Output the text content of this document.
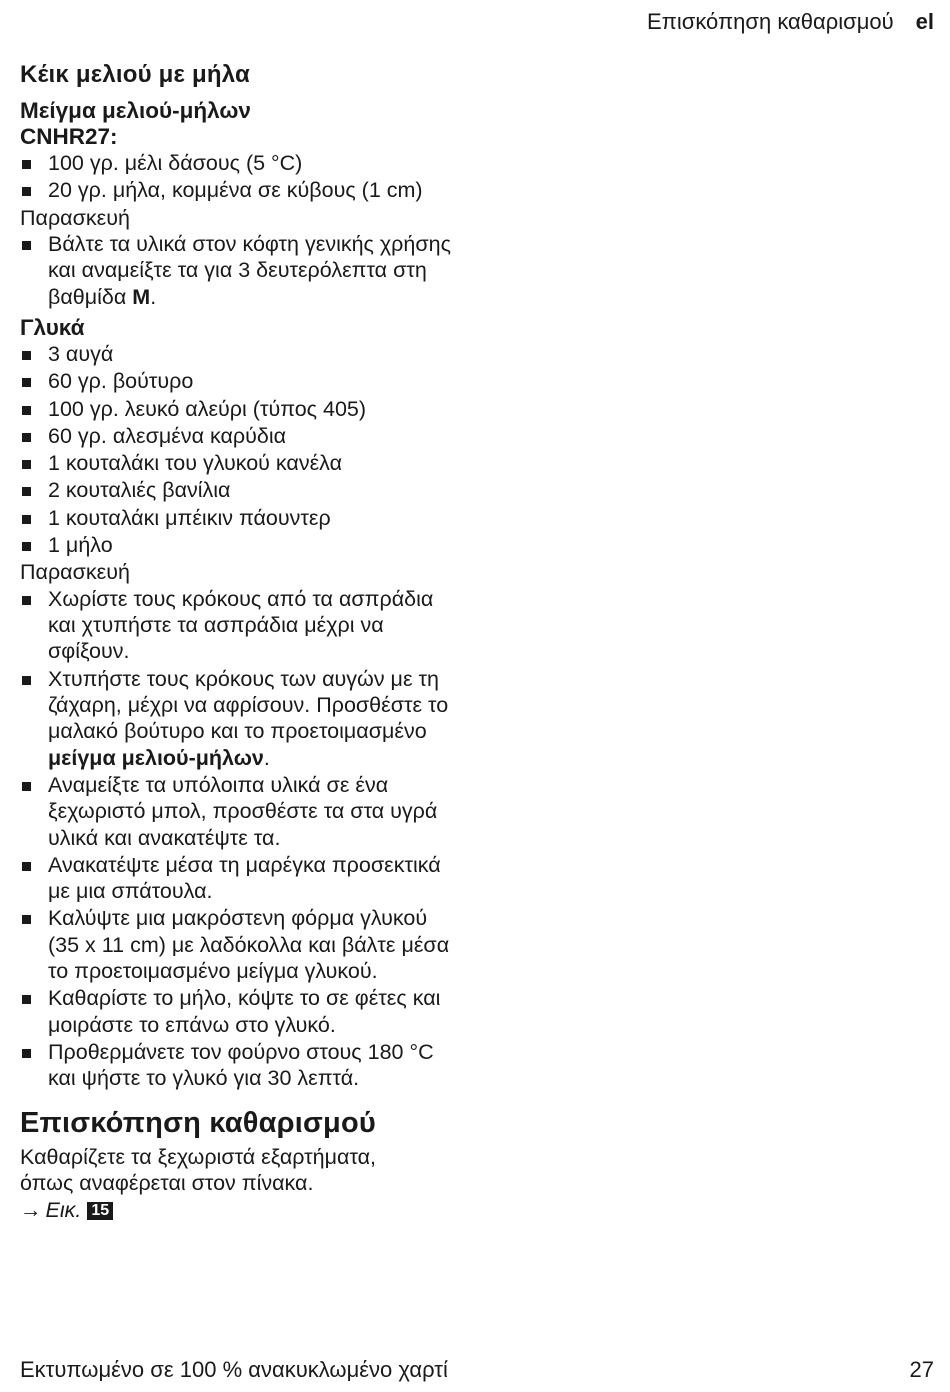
Επισκόπηση καθαρισμού el
Κέικ μελιού με μήλα
Μείγμα μελιού-μήλων
CNHR27:
100 γρ. μέλι δάσους (5 °C)
20 γρ. μήλα, κομμένα σε κύβους (1 cm)
Παρασκευή
Βάλτε τα υλικά στον κόφτη γενικής χρήσης και αναμείξτε τα για 3 δευτερόλεπτα στη βαθμίδα M.
Γλυκά
3 αυγά
60 γρ. βούτυρο
100 γρ. λευκό αλεύρι (τύπος 405)
60 γρ. αλεσμένα καρύδια
1 κουταλάκι του γλυκού κανέλα
2 κουταλιές βανίλια
1 κουταλάκι μπέικιν πάουντερ
1 μήλο
Παρασκευή
Χωρίστε τους κρόκους από τα ασπράδια και χτυπήστε τα ασπράδια μέχρι να σφίξουν.
Χτυπήστε τους κρόκους των αυγών με τη ζάχαρη, μέχρι να αφρίσουν. Προσθέστε το μαλακό βούτυρο και το προετοιμασμένο μείγμα μελιού-μήλων.
Αναμείξτε τα υπόλοιπα υλικά σε ένα ξεχωριστό μπολ, προσθέστε τα στα υγρά υλικά και ανακατέψτε τα.
Ανακατέψτε μέσα τη μαρέγκα προσεκτικά με μια σπάτουλα.
Καλύψτε μια μακρόστενη φόρμα γλυκού (35 x 11 cm) με λαδόκολλα και βάλτε μέσα το προετοιμασμένο μείγμα γλυκού.
Καθαρίστε το μήλο, κόψτε το σε φέτες και μοιράστε το επάνω στο γλυκό.
Προθερμάνετε τον φούρνο στους 180 °C και ψήστε το γλυκό για 30 λεπτά.
Επισκόπηση καθαρισμού
Καθαρίζετε τα ξεχωριστά εξαρτήματα,
όπως αναφέρεται στον πίνακα.
→ Εικ. 15
Εκτυπωμένο σε 100 % ανακυκλωμένο χαρτί	27
